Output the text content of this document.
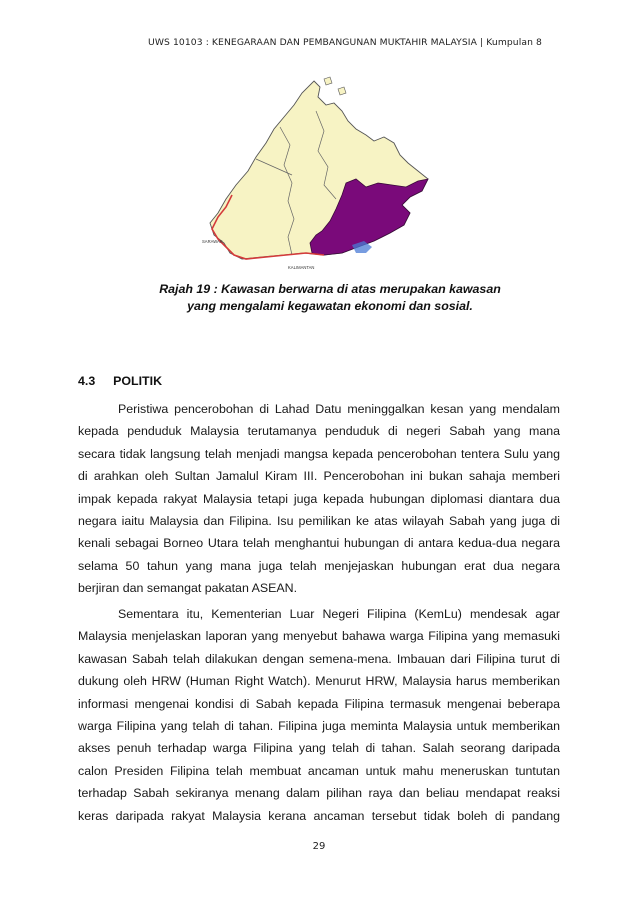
UWS 10103 : KENEGARAAN DAN PEMBANGUNAN MUKTAHIR MALAYSIA | Kumpulan 8
SARAWAK
KALIMANTAN
Rajah 19 : Kawasan berwarna di atas merupakan kawasan
yang mengalami kegawatan ekonomi dan sosial.
4.3 POLITIK
Peristiwa pencerobohan di Lahad Datu meninggalkan kesan yang mendalam
kepada penduduk Malaysia terutamanya penduduk di negeri Sabah yang mana
secara tidak langsung telah menjadi mangsa kepada pencerobohan tentera Sulu yang
di arahkan oleh Sultan Jamalul Kiram III. Pencerobohan ini bukan sahaja memberi
impak kepada rakyat Malaysia tetapi juga kepada hubungan diplomasi diantara dua
negara iaitu Malaysia dan Filipina. Isu pemilikan ke atas wilayah Sabah yang juga di
kenali sebagai Borneo Utara telah menghantui hubungan di antara kedua-dua negara
selama 50 tahun yang mana juga telah menjejaskan hubungan erat dua negara
berjiran dan semangat pakatan ASEAN.
Sementara itu, Kementerian Luar Negeri Filipina (KemLu) mendesak agar
Malaysia menjelaskan laporan yang menyebut bahawa warga Filipina yang memasuki
kawasan Sabah telah dilakukan dengan semena-mena. Imbauan dari Filipina turut di
dukung oleh HRW (Human Right Watch). Menurut HRW, Malaysia harus memberikan
informasi mengenai kondisi di Sabah kepada Filipina termasuk mengenai beberapa
warga Filipina yang telah di tahan. Filipina juga meminta Malaysia untuk memberikan
akses penuh terhadap warga Filipina yang telah di tahan. Salah seorang daripada
calon Presiden Filipina telah membuat ancaman untuk mahu meneruskan tuntutan
terhadap Sabah sekiranya menang dalam pilihan raya dan beliau mendapat reaksi
keras daripada rakyat Malaysia kerana ancaman tersebut tidak boleh di pandang
29
